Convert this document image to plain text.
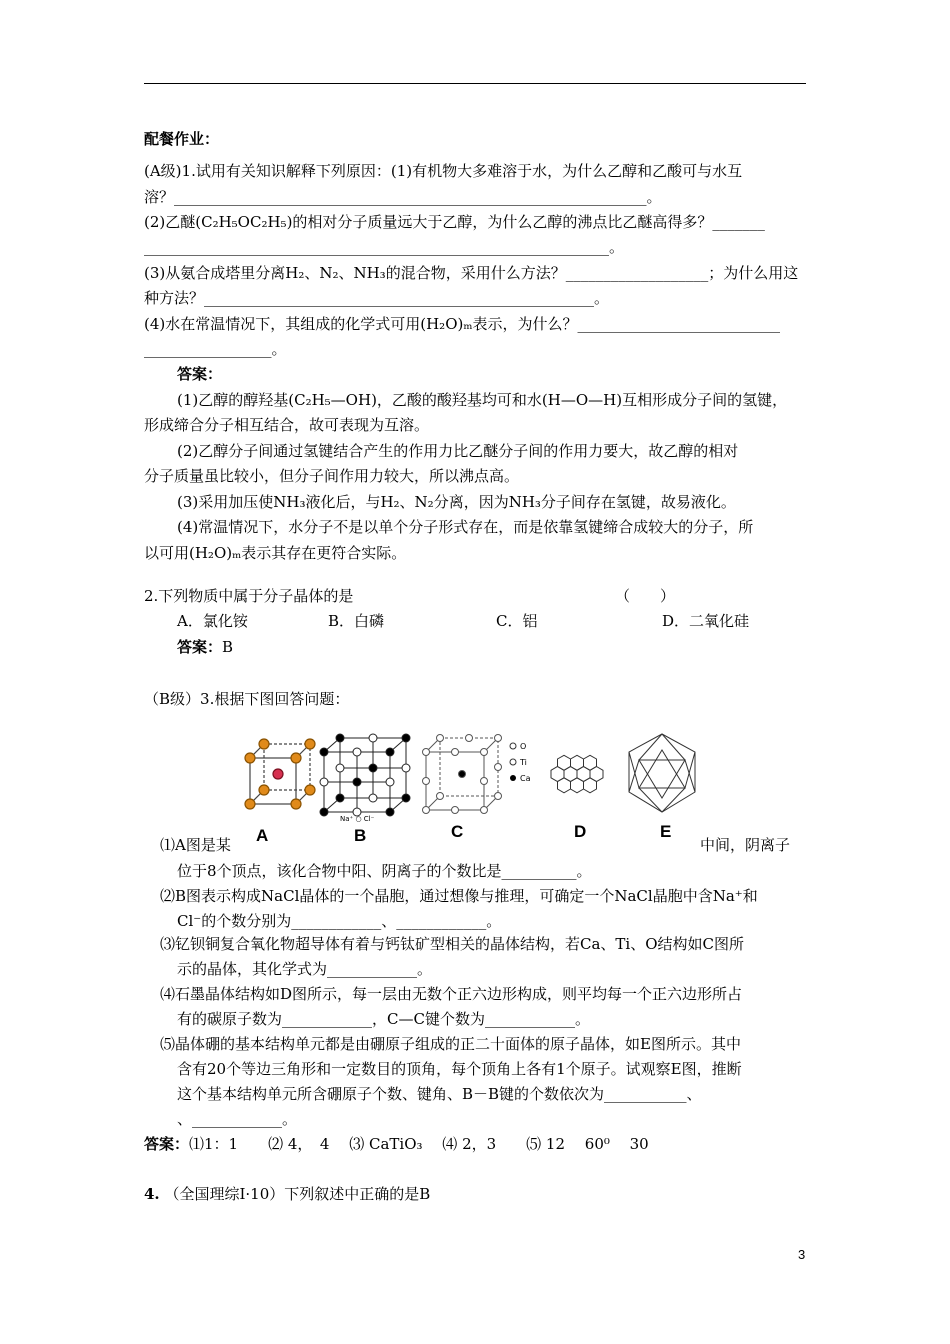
配餐作业：
(A级)1.试用有关知识解释下列原因：(1)有机物大多难溶于水，为什么乙醇和乙酸可与水互
溶？_______________________________________________________________。
(2)乙醚(C₂H₅OC₂H₅)的相对分子质量远大于乙醇，为什么乙醇的沸点比乙醚高得多？_______
______________________________________________________________。
(3)从氨合成塔里分离H₂、N₂、NH₃的混合物，采用什么方法？___________________；为什么用这
种方法？____________________________________________________。
(4)水在常温情况下，其组成的化学式可用(H₂O)ₘ表示，为什么？___________________________
_________________。
答案：
(1)乙醇的醇羟基(C₂H₅—OH)，乙酸的酸羟基均可和水(H—O—H)互相形成分子间的氢键，
形成缔合分子相互结合，故可表现为互溶。
(2)乙醇分子间通过氢键结合产生的作用力比乙醚分子间的作用力要大，故乙醇的相对
分子质量虽比较小，但分子间作用力较大，所以沸点高。
(3)采用加压使NH₃液化后，与H₂、N₂分离，因为NH₃分子间存在氢键，故易液化。
(4)常温情况下，水分子不是以单个分子形式存在，而是依靠氢键缔合成较大的分子，所
以可用(H₂O)ₘ表示其存在更符合实际。
2.下列物质中属于分子晶体的是	（　　）
A．氯化铵	B．白磷	C．铝	D．二氧化硅
答案：B
（B级）3.根据下图回答问题：
Na⁺ ○ Cl⁻
O
Ti
Ca
A	B	C	D	E
⑴A图是某	中间，阴离子
位于8个顶点，该化合物中阳、阴离子的个数比是__________。
⑵B图表示构成NaCl晶体的一个晶胞，通过想像与推理，可确定一个NaCl晶胞中含Na⁺和
Cl⁻的个数分别为____________、____________。
⑶钇钡铜复合氧化物超导体有着与钙钛矿型相关的晶体结构，若Ca、Ti、O结构如C图所
示的晶体，其化学式为____________。
⑷石墨晶体结构如D图所示，每一层由无数个正六边形构成，则平均每一个正六边形所占
有的碳原子数为____________，C—C键个数为____________。
⑸晶体硼的基本结构单元都是由硼原子组成的正二十面体的原子晶体，如E图所示。其中
含有20个等边三角形和一定数目的顶角，每个顶角上各有1个原子。试观察E图，推断
这个基本结构单元所含硼原子个数、键角、B－B键的个数依次为___________、
、____________。
答案：⑴1：1　　⑵ 4，　4　 ⑶ CaTiO₃　 ⑷ 2，3　　⑸ 12　 60⁰　 30
4. （全国理综Ⅰ·10）下列叙述中正确的是B
3
